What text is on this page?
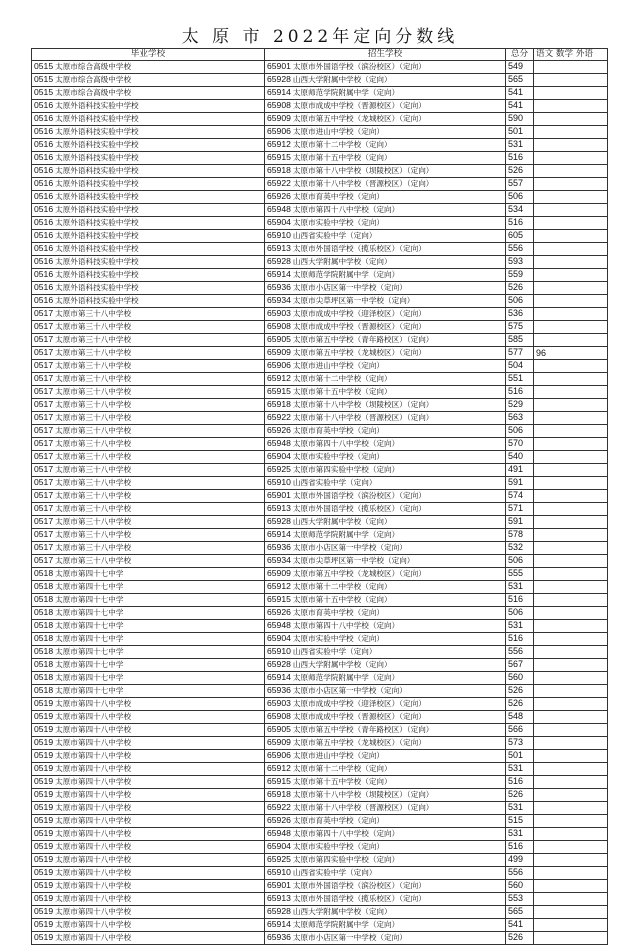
太 原 市 2022年定向分数线
毕业学校	招生学校	总分	语文 数学 外语
0515 太原市综合高级中学校	65901 太原市外国语学校（滨汾校区）（定向）	549	
0515 太原市综合高级中学校	65928 山西大学附属中学校（定向）	565	
0515 太原市综合高级中学校	65914 太原师范学院附属中学（定向）	541	
0516 太原外语科技实验中学校	65908 太原市成成中学校（晋源校区）（定向）	541	
0516 太原外语科技实验中学校	65909 太原市第五中学校（龙城校区）（定向）	590	
0516 太原外语科技实验中学校	65906 太原市进山中学校（定向）	501	
0516 太原外语科技实验中学校	65912 太原市第十二中学校（定向）	531	
0516 太原外语科技实验中学校	65915 太原市第十五中学校（定向）	516	
0516 太原外语科技实验中学校	65918 太原市第十八中学校（坝陵校区）（定向）	526	
0516 太原外语科技实验中学校	65922 太原市第十八中学校（晋源校区）（定向）	557	
0516 太原外语科技实验中学校	65926 太原市育英中学校（定向）	506	
0516 太原外语科技实验中学校	65948 太原市第四十八中学校（定向）	534	
0516 太原外语科技实验中学校	65904 太原市实验中学校（定向）	516	
0516 太原外语科技实验中学校	65910 山西省实验中学（定向）	605	
0516 太原外语科技实验中学校	65913 太原市外国语学校（揽乐校区）（定向）	556	
0516 太原外语科技实验中学校	65928 山西大学附属中学校（定向）	593	
0516 太原外语科技实验中学校	65914 太原师范学院附属中学（定向）	559	
0516 太原外语科技实验中学校	65936 太原市小店区第一中学校（定向）	526	
0516 太原外语科技实验中学校	65934 太原市尖草坪区第一中学校（定向）	506	
0517 太原市第三十八中学校	65903 太原市成成中学校（迎泽校区）（定向）	536	
0517 太原市第三十八中学校	65908 太原市成成中学校（晋源校区）（定向）	575	
0517 太原市第三十八中学校	65905 太原市第五中学校（青年路校区）（定向）	585	
0517 太原市第三十八中学校	65909 太原市第五中学校（龙城校区）（定向）	577	96
0517 太原市第三十八中学校	65906 太原市进山中学校（定向）	504	
0517 太原市第三十八中学校	65912 太原市第十二中学校（定向）	551	
0517 太原市第三十八中学校	65915 太原市第十五中学校（定向）	516	
0517 太原市第三十八中学校	65918 太原市第十八中学校（坝陵校区）（定向）	529	
0517 太原市第三十八中学校	65922 太原市第十八中学校（晋源校区）（定向）	563	
0517 太原市第三十八中学校	65926 太原市育英中学校（定向）	506	
0517 太原市第三十八中学校	65948 太原市第四十八中学校（定向）	570	
0517 太原市第三十八中学校	65904 太原市实验中学校（定向）	540	
0517 太原市第三十八中学校	65925 太原市第四实验中学校（定向）	491	
0517 太原市第三十八中学校	65910 山西省实验中学（定向）	591	
0517 太原市第三十八中学校	65901 太原市外国语学校（滨汾校区）（定向）	574	
0517 太原市第三十八中学校	65913 太原市外国语学校（揽乐校区）（定向）	571	
0517 太原市第三十八中学校	65928 山西大学附属中学校（定向）	591	
0517 太原市第三十八中学校	65914 太原师范学院附属中学（定向）	578	
0517 太原市第三十八中学校	65936 太原市小店区第一中学校（定向）	532	
0517 太原市第三十八中学校	65934 太原市尖草坪区第一中学校（定向）	506	
0518 太原市第四十七中学	65909 太原市第五中学校（龙城校区）（定向）	555	
0518 太原市第四十七中学	65912 太原市第十二中学校（定向）	531	
0518 太原市第四十七中学	65915 太原市第十五中学校（定向）	516	
0518 太原市第四十七中学	65926 太原市育英中学校（定向）	506	
0518 太原市第四十七中学	65948 太原市第四十八中学校（定向）	531	
0518 太原市第四十七中学	65904 太原市实验中学校（定向）	516	
0518 太原市第四十七中学	65910 山西省实验中学（定向）	556	
0518 太原市第四十七中学	65928 山西大学附属中学校（定向）	567	
0518 太原市第四十七中学	65914 太原师范学院附属中学（定向）	560	
0518 太原市第四十七中学	65936 太原市小店区第一中学校（定向）	526	
0519 太原市第四十八中学校	65903 太原市成成中学校（迎泽校区）（定向）	526	
0519 太原市第四十八中学校	65908 太原市成成中学校（晋源校区）（定向）	548	
0519 太原市第四十八中学校	65905 太原市第五中学校（青年路校区）（定向）	566	
0519 太原市第四十八中学校	65909 太原市第五中学校（龙城校区）（定向）	573	
0519 太原市第四十八中学校	65906 太原市进山中学校（定向）	501	
0519 太原市第四十八中学校	65912 太原市第十二中学校（定向）	531	
0519 太原市第四十八中学校	65915 太原市第十五中学校（定向）	516	
0519 太原市第四十八中学校	65918 太原市第十八中学校（坝陵校区）（定向）	526	
0519 太原市第四十八中学校	65922 太原市第十八中学校（晋源校区）（定向）	531	
0519 太原市第四十八中学校	65926 太原市育英中学校（定向）	515	
0519 太原市第四十八中学校	65948 太原市第四十八中学校（定向）	531	
0519 太原市第四十八中学校	65904 太原市实验中学校（定向）	516	
0519 太原市第四十八中学校	65925 太原市第四实验中学校（定向）	499	
0519 太原市第四十八中学校	65910 山西省实验中学（定向）	556	
0519 太原市第四十八中学校	65901 太原市外国语学校（滨汾校区）（定向）	560	
0519 太原市第四十八中学校	65913 太原市外国语学校（揽乐校区）（定向）	553	
0519 太原市第四十八中学校	65928 山西大学附属中学校（定向）	565	
0519 太原市第四十八中学校	65914 太原师范学院附属中学（定向）	541	
0519 太原市第四十八中学校	65936 太原市小店区第一中学校（定向）	526	
